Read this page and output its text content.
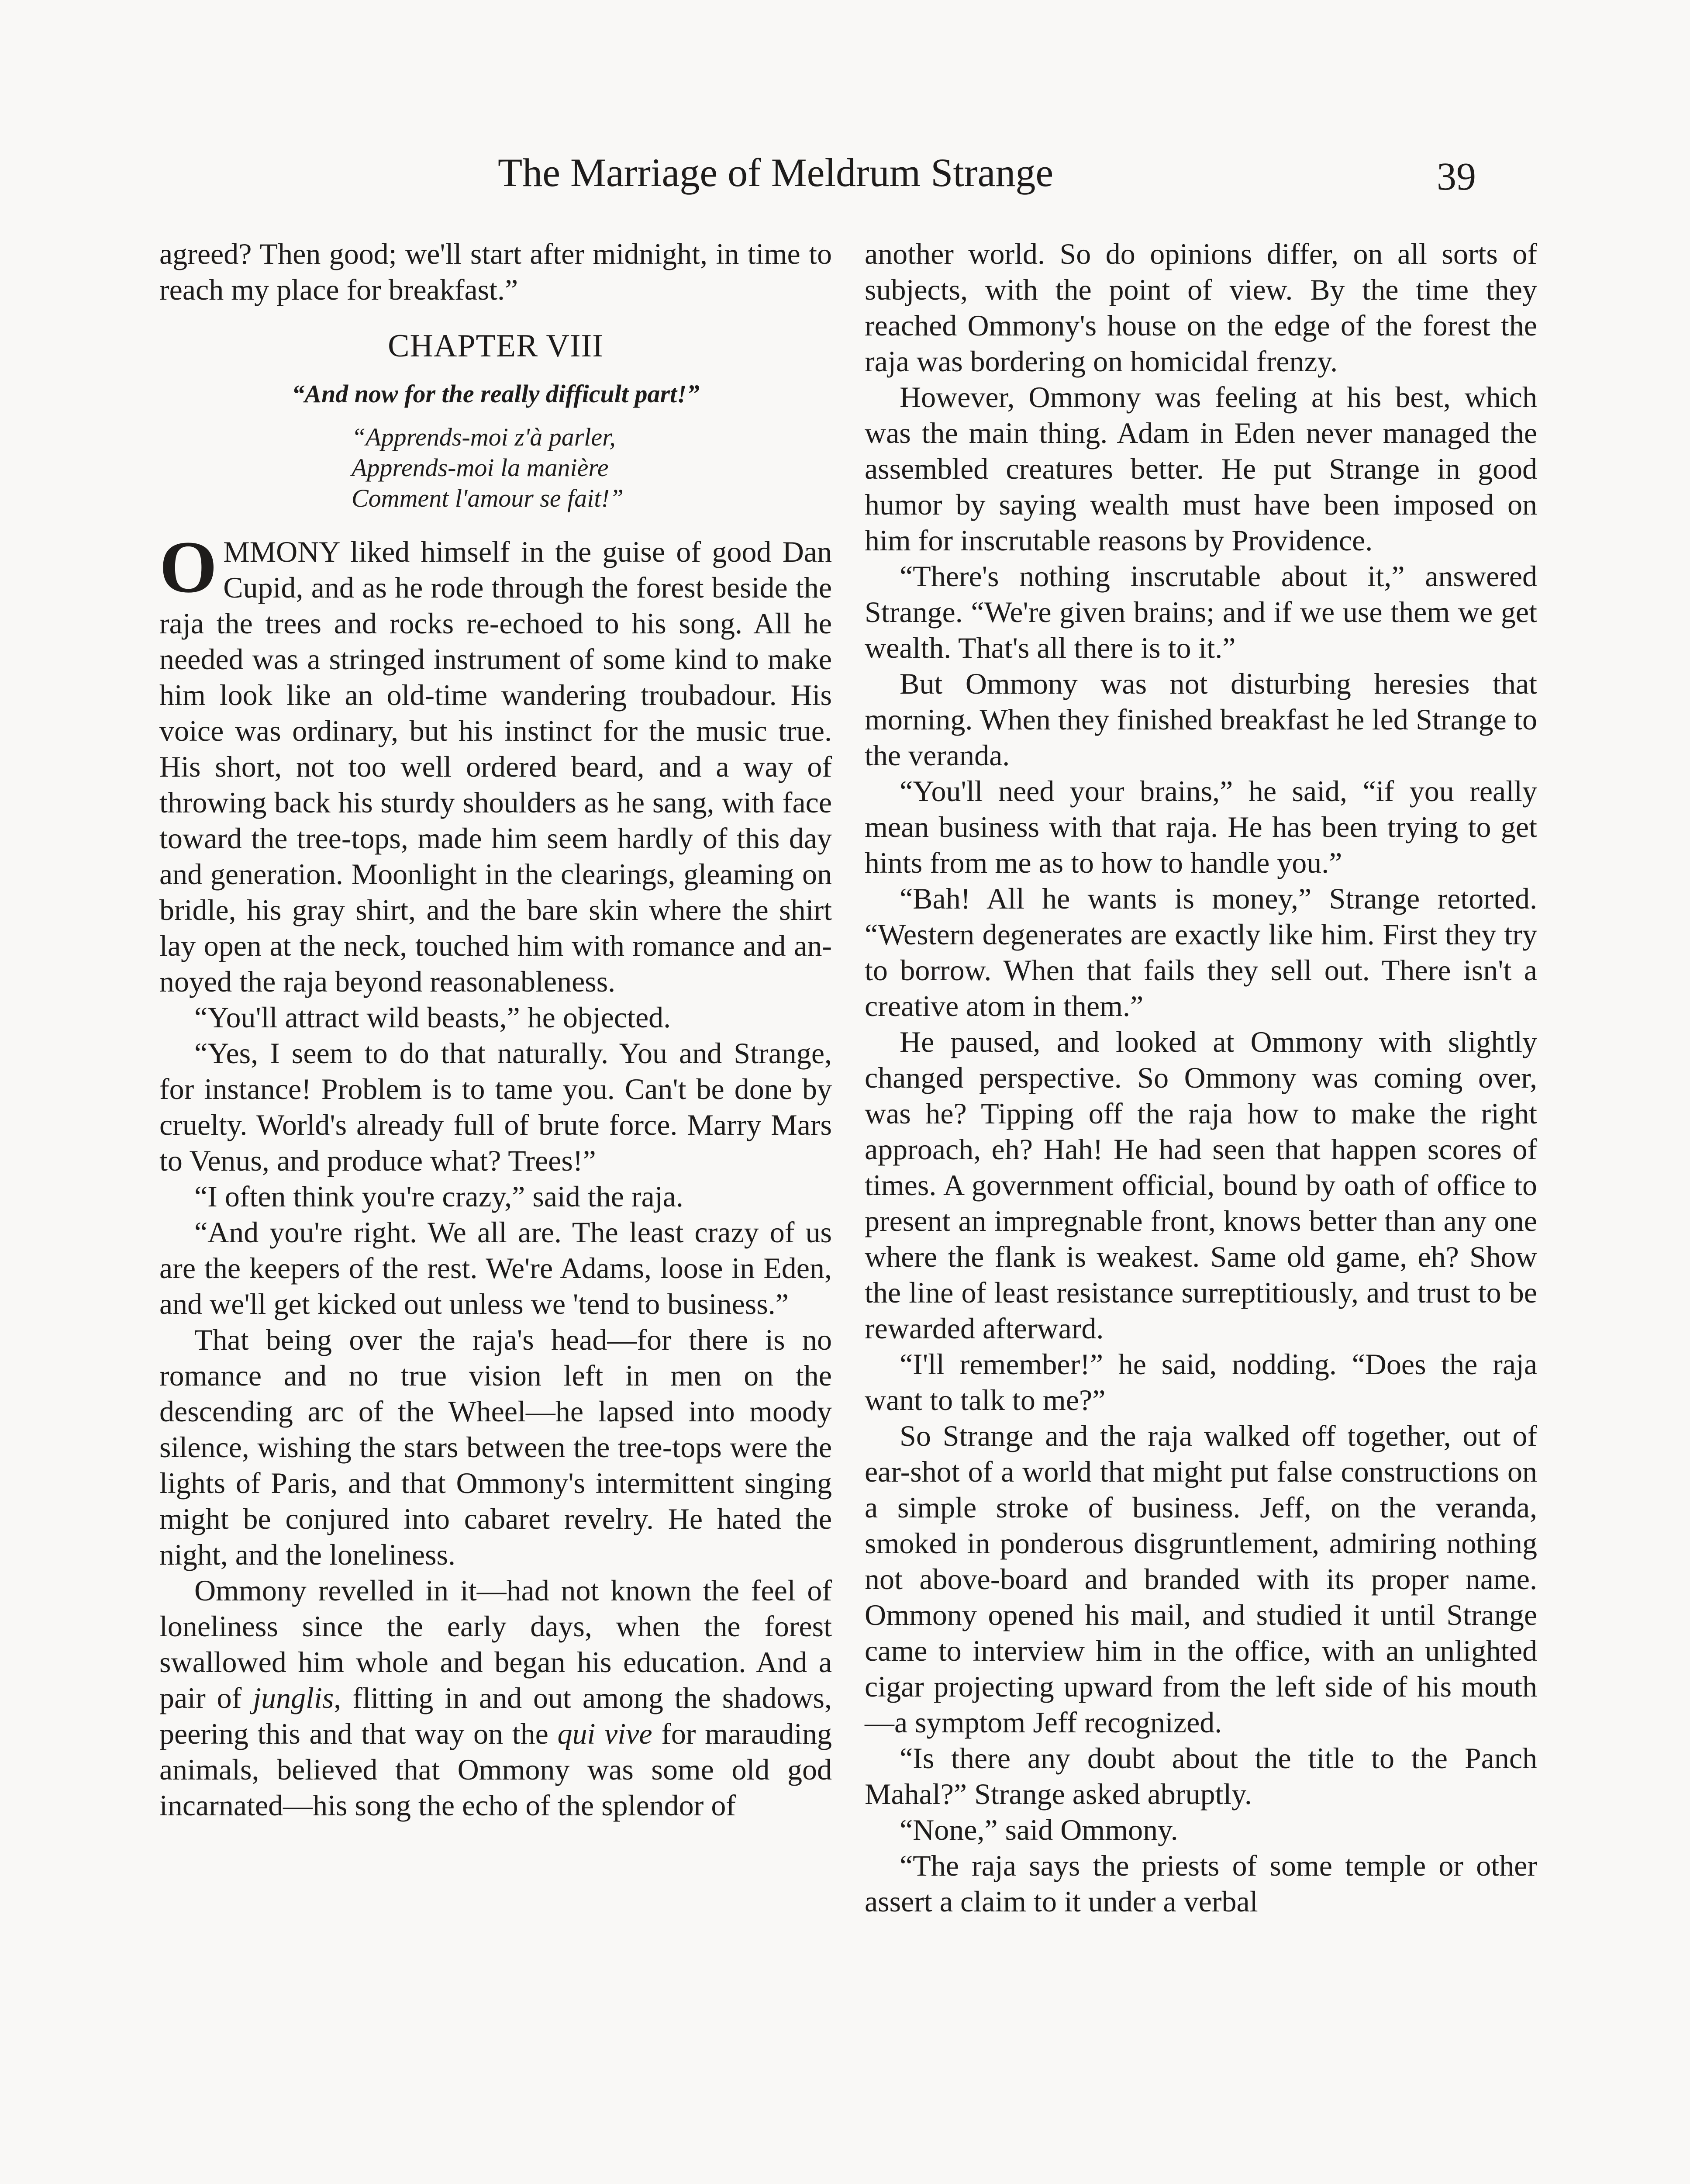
The Marriage of Meldrum Strange	39

agreed? Then good; we'll start after midnight, in time to reach my place for breakfast.”

CHAPTER VIII
“And now for the really difficult part!”
“Apprends-moi z'à parler,
Apprends-moi la manière
Comment l'amour se fait!”

OMMONY liked himself in the guise of good Dan Cupid, and as he rode through the forest beside the raja the trees and rocks re-echoed to his song. All he needed was a stringed instrument of some kind to make him look like an old-time wandering troubadour. His voice was ordinary, but his instinct for the music true. His short, not too well ordered beard, and a way of throwing back his sturdy shoulders as he sang, with face toward the tree-tops, made him seem hardly of this day and generation. Moonlight in the clearings, gleaming on bridle, his gray shirt, and the bare skin where the shirt lay open at the neck, touched him with romance and annoyed the raja beyond reasonableness.

“You'll attract wild beasts,” he objected.

“Yes, I seem to do that naturally. You and Strange, for instance! Problem is to tame you. Can't be done by cruelty. World's already full of brute force. Marry Mars to Venus, and produce what? Trees!”

“I often think you're crazy,” said the raja.

“And you're right. We all are. The least crazy of us are the keepers of the rest. We're Adams, loose in Eden, and we'll get kicked out unless we 'tend to business.”

That being over the raja's head—for there is no romance and no true vision left in men on the descending arc of the Wheel—he lapsed into moody silence, wishing the stars between the tree-tops were the lights of Paris, and that Ommony's intermittent singing might be conjured into cabaret revelry. He hated the night, and the loneliness.

Ommony revelled in it—had not known the feel of loneliness since the early days, when the forest swallowed him whole and began his education. And a pair of junglis, flitting in and out among the shadows, peering this and that way on the qui vive for marauding animals, believed that Ommony was some old god incarnated—his song the echo of the splendor of

another world. So do opinions differ, on all sorts of subjects, with the point of view. By the time they reached Ommony's house on the edge of the forest the raja was bordering on homicidal frenzy.

However, Ommony was feeling at his best, which was the main thing. Adam in Eden never managed the assembled creatures better. He put Strange in good humor by saying wealth must have been imposed on him for inscrutable reasons by Providence.

“There's nothing inscrutable about it,” answered Strange. “We're given brains; and if we use them we get wealth. That's all there is to it.”

But Ommony was not disturbing heresies that morning. When they finished breakfast he led Strange to the veranda.

“You'll need your brains,” he said, “if you really mean business with that raja. He has been trying to get hints from me as to how to handle you.”

“Bah! All he wants is money,” Strange retorted. “Western degenerates are exactly like him. First they try to borrow. When that fails they sell out. There isn't a creative atom in them.”

He paused, and looked at Ommony with slightly changed perspective. So Ommony was coming over, was he? Tipping off the raja how to make the right approach, eh? Hah! He had seen that happen scores of times. A government official, bound by oath of office to present an impregnable front, knows better than any one where the flank is weakest. Same old game, eh? Show the line of least resistance surreptitiously, and trust to be rewarded afterward.

“I'll remember!” he said, nodding. “Does the raja want to talk to me?”

So Strange and the raja walked off together, out of ear-shot of a world that might put false constructions on a simple stroke of business. Jeff, on the veranda, smoked in ponderous disgruntlement, admiring nothing not above-board and branded with its proper name. Ommony opened his mail, and studied it until Strange came to interview him in the office, with an unlighted cigar projecting upward from the left side of his mouth—a symptom Jeff recognized.

“Is there any doubt about the title to the Panch Mahal?” Strange asked abruptly.

“None,” said Ommony.

“The raja says the priests of some temple or other assert a claim to it under a verbal
